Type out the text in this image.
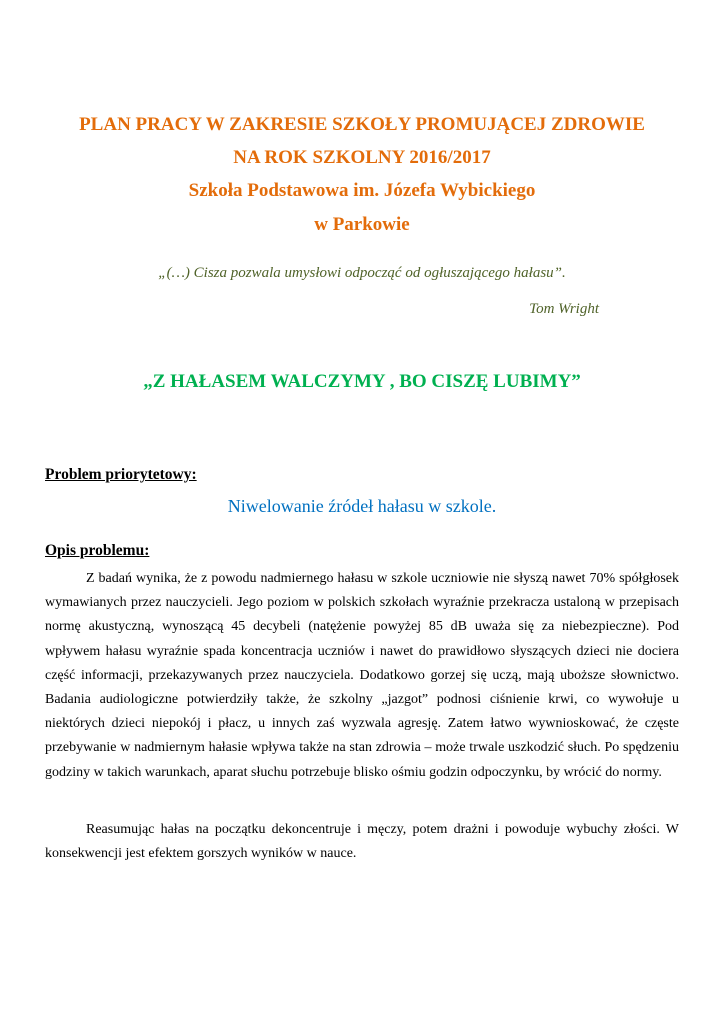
PLAN PRACY W ZAKRESIE SZKOŁY PROMUJĄCEJ ZDROWIE
NA ROK SZKOLNY 2016/2017
Szkoła Podstawowa im. Józefa Wybickiego
w Parkowie
„(…) Cisza pozwala umysłowi odpocząć od ogłuszającego hałasu”.
Tom Wright
„Z HAŁASEM WALCZYMY , BO CISZĘ LUBIMY”
Problem priorytetowy:
Niwelowanie źródeł hałasu w szkole.
Opis problemu:
Z badań wynika, że z powodu nadmiernego hałasu w szkole uczniowie nie słyszą nawet 70% spółgłosek wymawianych przez nauczycieli. Jego poziom w polskich szkołach wyraźnie przekracza ustaloną w przepisach normę akustyczną, wynoszącą 45 decybeli (natężenie powyżej 85 dB uważa się za niebezpieczne). Pod wpływem hałasu wyraźnie spada koncentracja uczniów i nawet do prawidłowo słyszących dzieci nie dociera część informacji, przekazywanych przez nauczyciela. Dodatkowo gorzej się uczą, mają uboższe słownictwo. Badania audiologiczne potwierdziły także, że szkolny „jazgot” podnosi ciśnienie krwi, co wywołuje u niektórych dzieci niepokój i płacz, u innych zaś wyzwala agresję. Zatem łatwo wywnioskować, że częste przebywanie w nadmiernym hałasie wpływa także na stan zdrowia – może trwale uszkodzić słuch. Po spędzeniu godziny w takich warunkach, aparat słuchu potrzebuje blisko ośmiu godzin odpoczynku, by wrócić do normy.
Reasumując hałas na początku dekoncentruje i męczy, potem drażni i powoduje wybuchy złości. W konsekwencji jest efektem gorszych wyników w nauce.
